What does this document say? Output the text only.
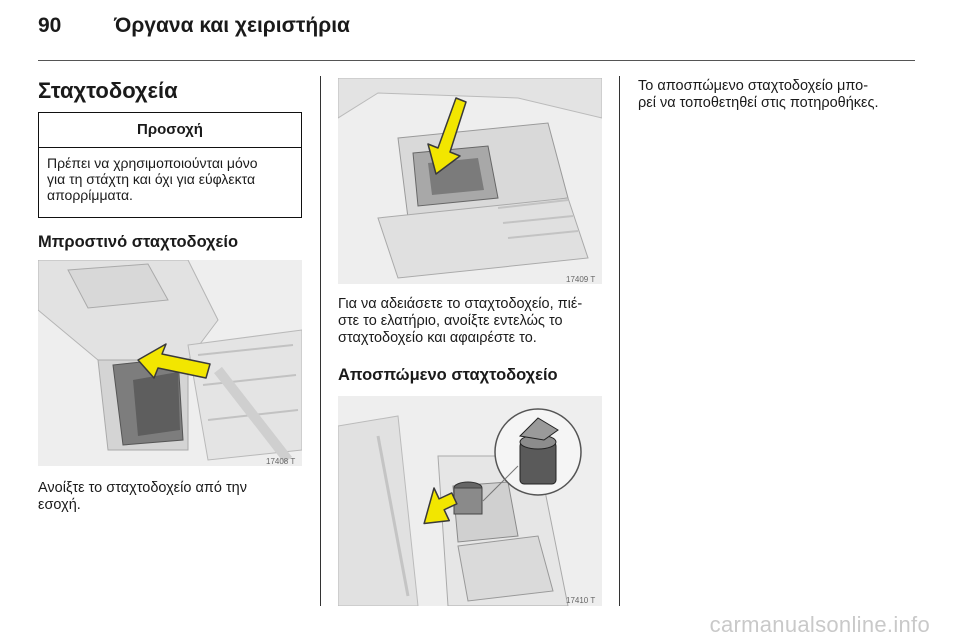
90	Όργανα και χειριστήρια
Σταχτοδοχεία
Προσοχή
Πρέπει να χρησιμοποιούνται μόνο
για τη στάχτη και όχι για εύφλεκτα
απορρίμματα.
Μπροστινό σταχτοδοχείο
17408 T
Ανοίξτε το σταχτοδοχείο από την
εσοχή.
17409 T
Για να αδειάσετε το σταχτοδοχείο, πιέ-
στε το ελατήριο, ανοίξτε εντελώς το
σταχτοδοχείο και αφαιρέστε το.
Αποσπώμενο σταχτοδοχείο
17410 T
Το αποσπώμενο σταχτοδοχείο μπο-
ρεί να τοποθετηθεί στις ποτηροθήκες.
carmanualsonline.info
